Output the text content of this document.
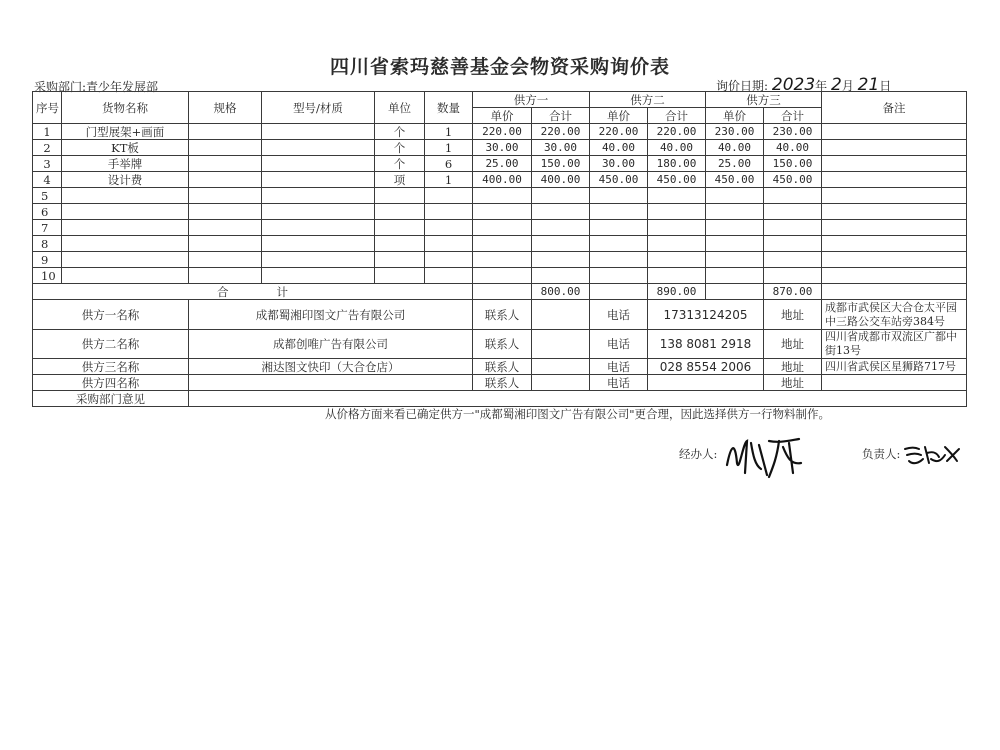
四川省索玛慈善基金会物资采购询价表
采购部门:青少年发展部	询价日期: 2023年 2月 21日
序号	货物名称	规格	型号/材质	单位	数量	供方一		供方二		供方三		备注
						单价	合计	单价	合计	单价	合计	
1	门型展架+画面			个	1	220.00	220.00	220.00	220.00	230.00	230.00	
2	KT板			个	1	30.00	30.00	40.00	40.00	40.00	40.00	
3	手举牌			个	6	25.00	150.00	30.00	180.00	25.00	150.00	
4	设计费			项	1	400.00	400.00	450.00	450.00	450.00	450.00	
5												
6												
7												
8												
9												
10												
合 计							800.00		890.00		870.00	
供方一名称		成都蜀湘印图文广告有限公司				联系人		电话	17313124205		地址	成都市武侯区大合仓太平园中三路公交车站旁384号
供方二名称		成都创唯广告有限公司				联系人		电话	138 8081 2918		地址	四川省成都市双流区广都中街13号
供方三名称		湘达图文快印（大合仓店）				联系人		电话	028 8554 2006		地址	四川省武侯区星狮路717号
供方四名称						联系人		电话			地址	
采购部门意见		从价格方面来看已确定供方一"成都蜀湘印图文广告有限公司"更合理，因此选择供方一行物料制作。
经办人: 负责人:										
